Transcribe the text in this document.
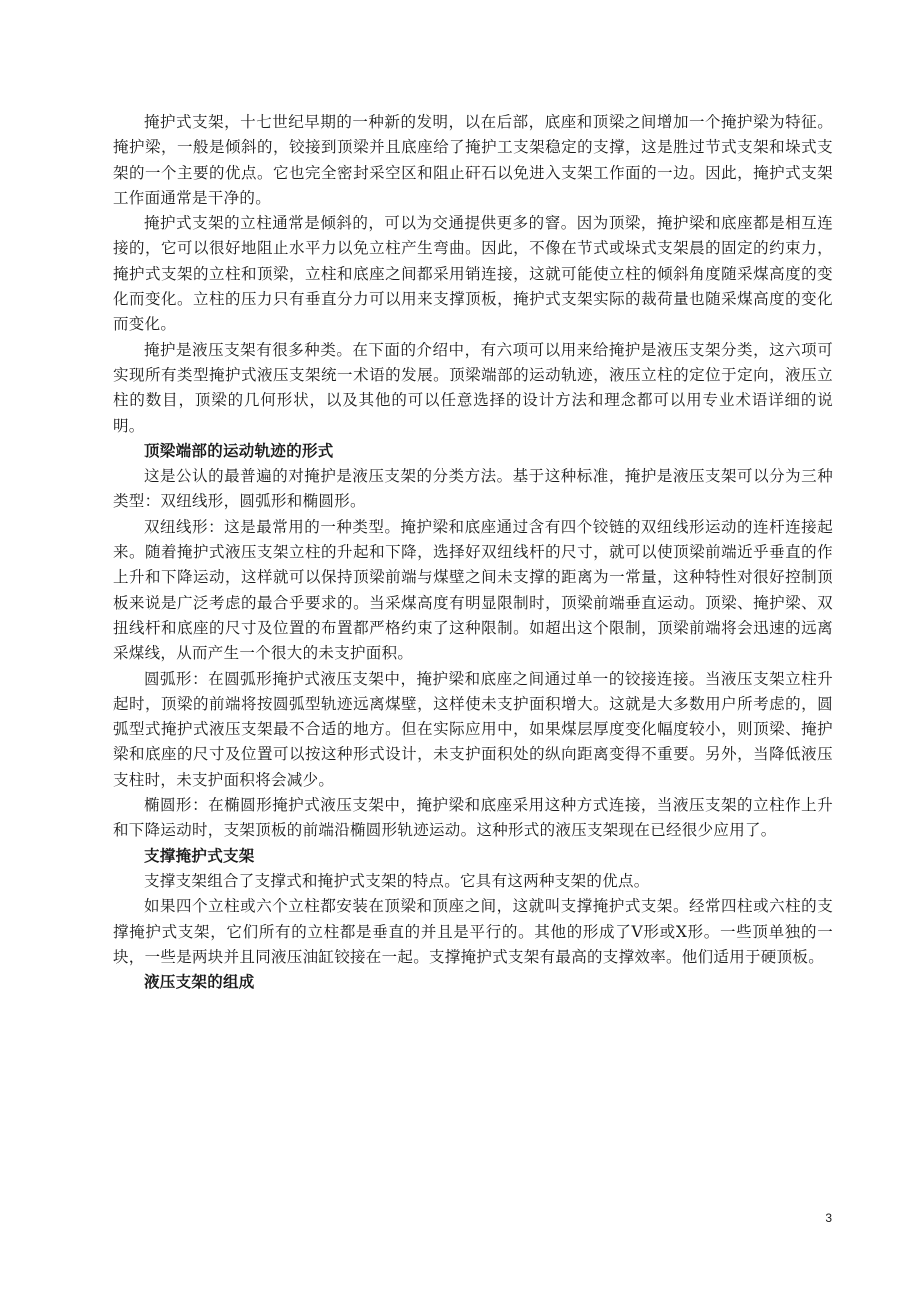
掩护式支架，十七世纪早期的一种新的发明，以在后部，底座和顶梁之间增加一个掩护梁为特征。掩护梁，一般是倾斜的，铰接到顶梁并且底座给了掩护工支架稳定的支撑，这是胜过节式支架和垛式支架的一个主要的优点。它也完全密封采空区和阻止矸石以免进入支架工作面的一边。因此，掩护式支架工作面通常是干净的。

掩护式支架的立柱通常是倾斜的，可以为交通提供更多的窨。因为顶梁，掩护梁和底座都是相互连接的，它可以很好地阻止水平力以免立柱产生弯曲。因此，不像在节式或垛式支架晨的固定的约束力，掩护式支架的立柱和顶梁，立柱和底座之间都采用销连接，这就可能使立柱的倾斜角度随采煤高度的变化而变化。立柱的压力只有垂直分力可以用来支撑顶板，掩护式支架实际的裁荷量也随采煤高度的变化而变化。

掩护是液压支架有很多种类。在下面的介绍中，有六项可以用来给掩护是液压支架分类，这六项可实现所有类型掩护式液压支架统一术语的发展。顶梁端部的运动轨迹，液压立柱的定位于定向，液压立柱的数目，顶梁的几何形状，以及其他的可以任意选择的设计方法和理念都可以用专业术语详细的说明。

顶梁端部的运动轨迹的形式

这是公认的最普遍的对掩护是液压支架的分类方法。基于这种标准，掩护是液压支架可以分为三种类型：双纽线形，圆弧形和椭圆形。

双纽线形：这是最常用的一种类型。掩护梁和底座通过含有四个铰链的双纽线形运动的连杆连接起来。随着掩护式液压支架立柱的升起和下降，选择好双纽线杆的尺寸，就可以使顶梁前端近乎垂直的作上升和下降运动，这样就可以保持顶梁前端与煤壁之间未支撑的距离为一常量，这种特性对很好控制顶板来说是广泛考虑的最合乎要求的。当采煤高度有明显限制时，顶梁前端垂直运动。顶梁、掩护梁、双扭线杆和底座的尺寸及位置的布置都严格约束了这种限制。如超出这个限制，顶梁前端将会迅速的远离采煤线，从而产生一个很大的未支护面积。

圆弧形：在圆弧形掩护式液压支架中，掩护梁和底座之间通过单一的铰接连接。当液压支架立柱升起时，顶梁的前端将按圆弧型轨迹远离煤壁，这样使未支护面积增大。这就是大多数用户所考虑的，圆弧型式掩护式液压支架最不合适的地方。但在实际应用中，如果煤层厚度变化幅度较小，则顶梁、掩护梁和底座的尺寸及位置可以按这种形式设计，未支护面积处的纵向距离变得不重要。另外，当降低液压支柱时，未支护面积将会减少。

椭圆形：在椭圆形掩护式液压支架中，掩护梁和底座采用这种方式连接，当液压支架的立柱作上升和下降运动时，支架顶板的前端沿椭圆形轨迹运动。这种形式的液压支架现在已经很少应用了。

支撑掩护式支架

支撑支架组合了支撑式和掩护式支架的特点。它具有这两种支架的优点。

如果四个立柱或六个立柱都安装在顶梁和顶座之间，这就叫支撑掩护式支架。经常四柱或六柱的支撑掩护式支架，它们所有的立柱都是垂直的并且是平行的。其他的形成了V形或X形。一些顶单独的一块，一些是两块并且同液压油缸铰接在一起。支撑掩护式支架有最高的支撑效率。他们适用于硬顶板。

液压支架的组成

3
